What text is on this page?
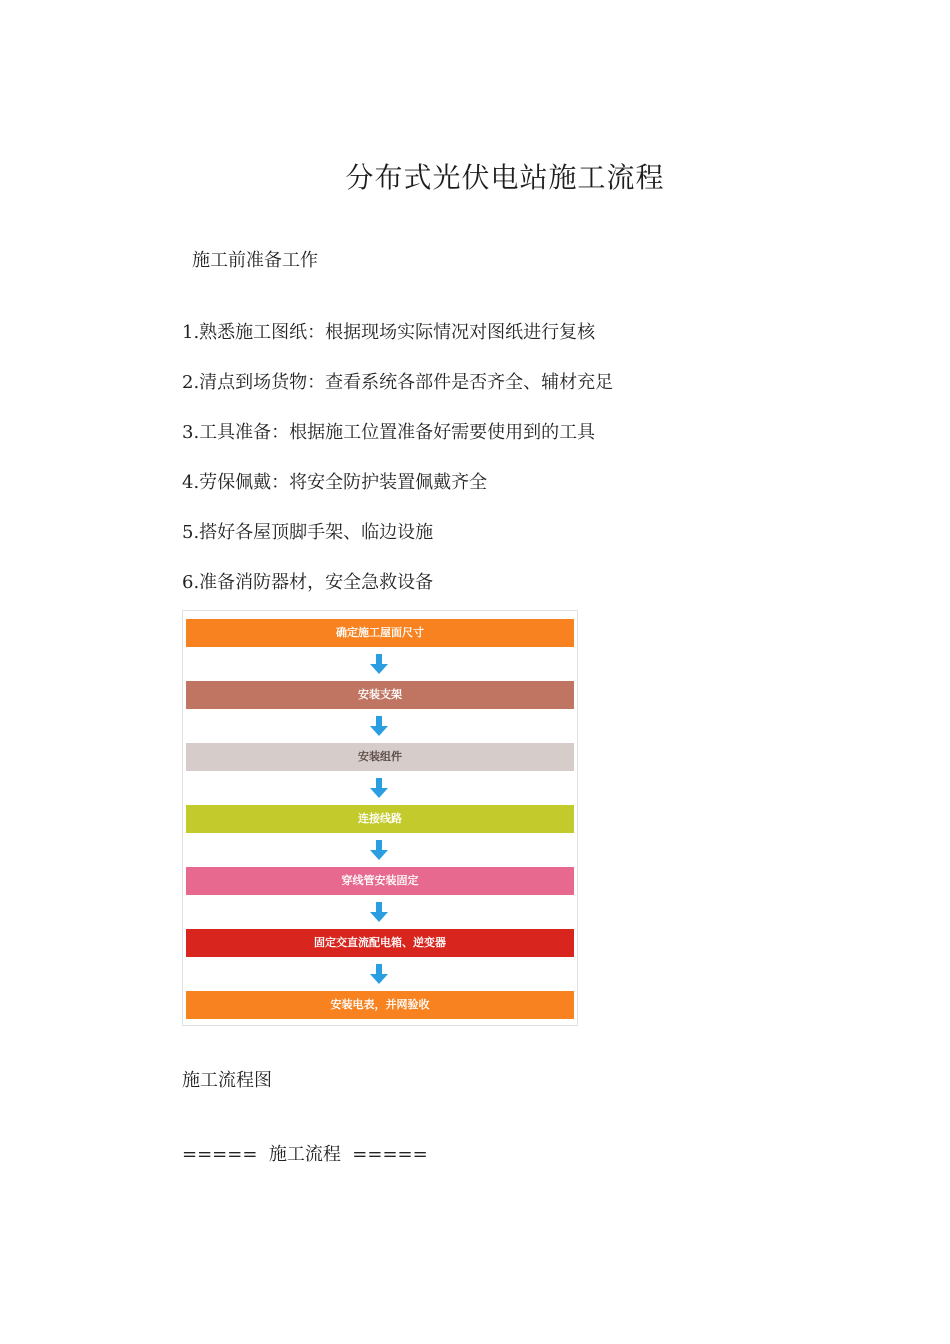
分布式光伏电站施工流程
施工前准备工作
1.熟悉施工图纸：根据现场实际情况对图纸进行复核
2.清点到场货物：查看系统各部件是否齐全、辅材充足
3.工具准备：根据施工位置准备好需要使用到的工具
4.劳保佩戴：将安全防护装置佩戴齐全
5.搭好各屋顶脚手架、临边设施
6.准备消防器材，安全急救设备
确定施工屋面尺寸
安装支架
安装组件
连接线路
穿线管安装固定
固定交直流配电箱、逆变器
安装电表，并网验收
施工流程图
=====  施工流程  =====
